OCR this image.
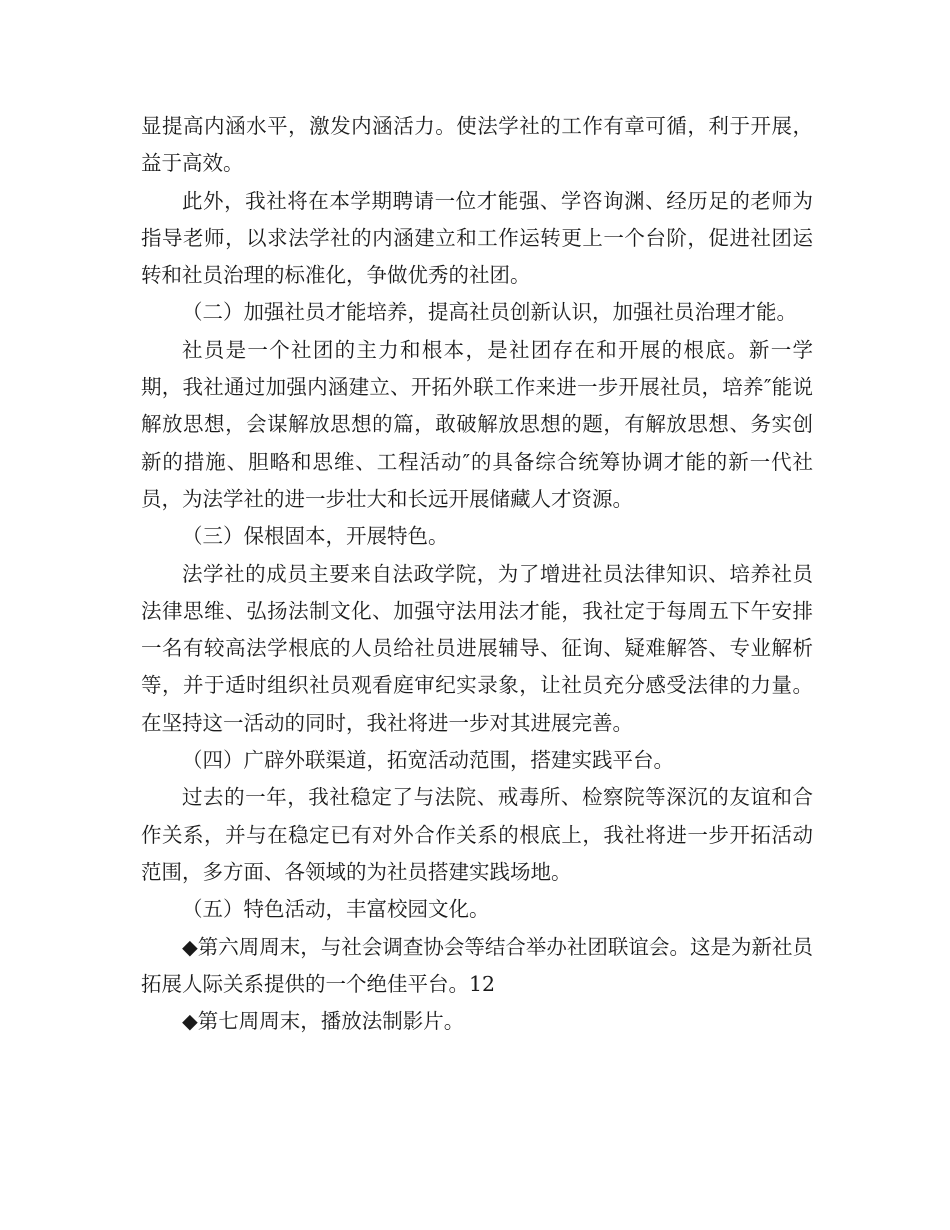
显提高内涵水平，激发内涵活力。使法学社的工作有章可循，利于开展，益于高效。

此外，我社将在本学期聘请一位才能强、学咨询渊、经历足的老师为指导老师，以求法学社的内涵建立和工作运转更上一个台阶，促进社团运转和社员治理的标准化，争做优秀的社团。

（二）加强社员才能培养，提高社员创新认识，加强社员治理才能。

社员是一个社团的主力和根本，是社团存在和开展的根底。新一学期，我社通过加强内涵建立、开拓外联工作来进一步开展社员，培养″能说解放思想，会谋解放思想的篇，敢破解放思想的题，有解放思想、务实创新的措施、胆略和思维、工程活动″的具备综合统筹协调才能的新一代社员，为法学社的进一步壮大和长远开展储藏人才资源。

（三）保根固本，开展特色。

法学社的成员主要来自法政学院，为了增进社员法律知识、培养社员法律思维、弘扬法制文化、加强守法用法才能，我社定于每周五下午安排一名有较高法学根底的人员给社员进展辅导、征询、疑难解答、专业解析等，并于适时组织社员观看庭审纪实录象，让社员充分感受法律的力量。在坚持这一活动的同时，我社将进一步对其进展完善。

（四）广辟外联渠道，拓宽活动范围，搭建实践平台。

过去的一年，我社稳定了与法院、戒毒所、检察院等深沉的友谊和合作关系，并与在稳定已有对外合作关系的根底上，我社将进一步开拓活动范围，多方面、各领域的为社员搭建实践场地。

（五）特色活动，丰富校园文化。

◆第六周周末，与社会调查协会等结合举办社团联谊会。这是为新社员拓展人际关系提供的一个绝佳平台。12

◆第七周周末，播放法制影片。
